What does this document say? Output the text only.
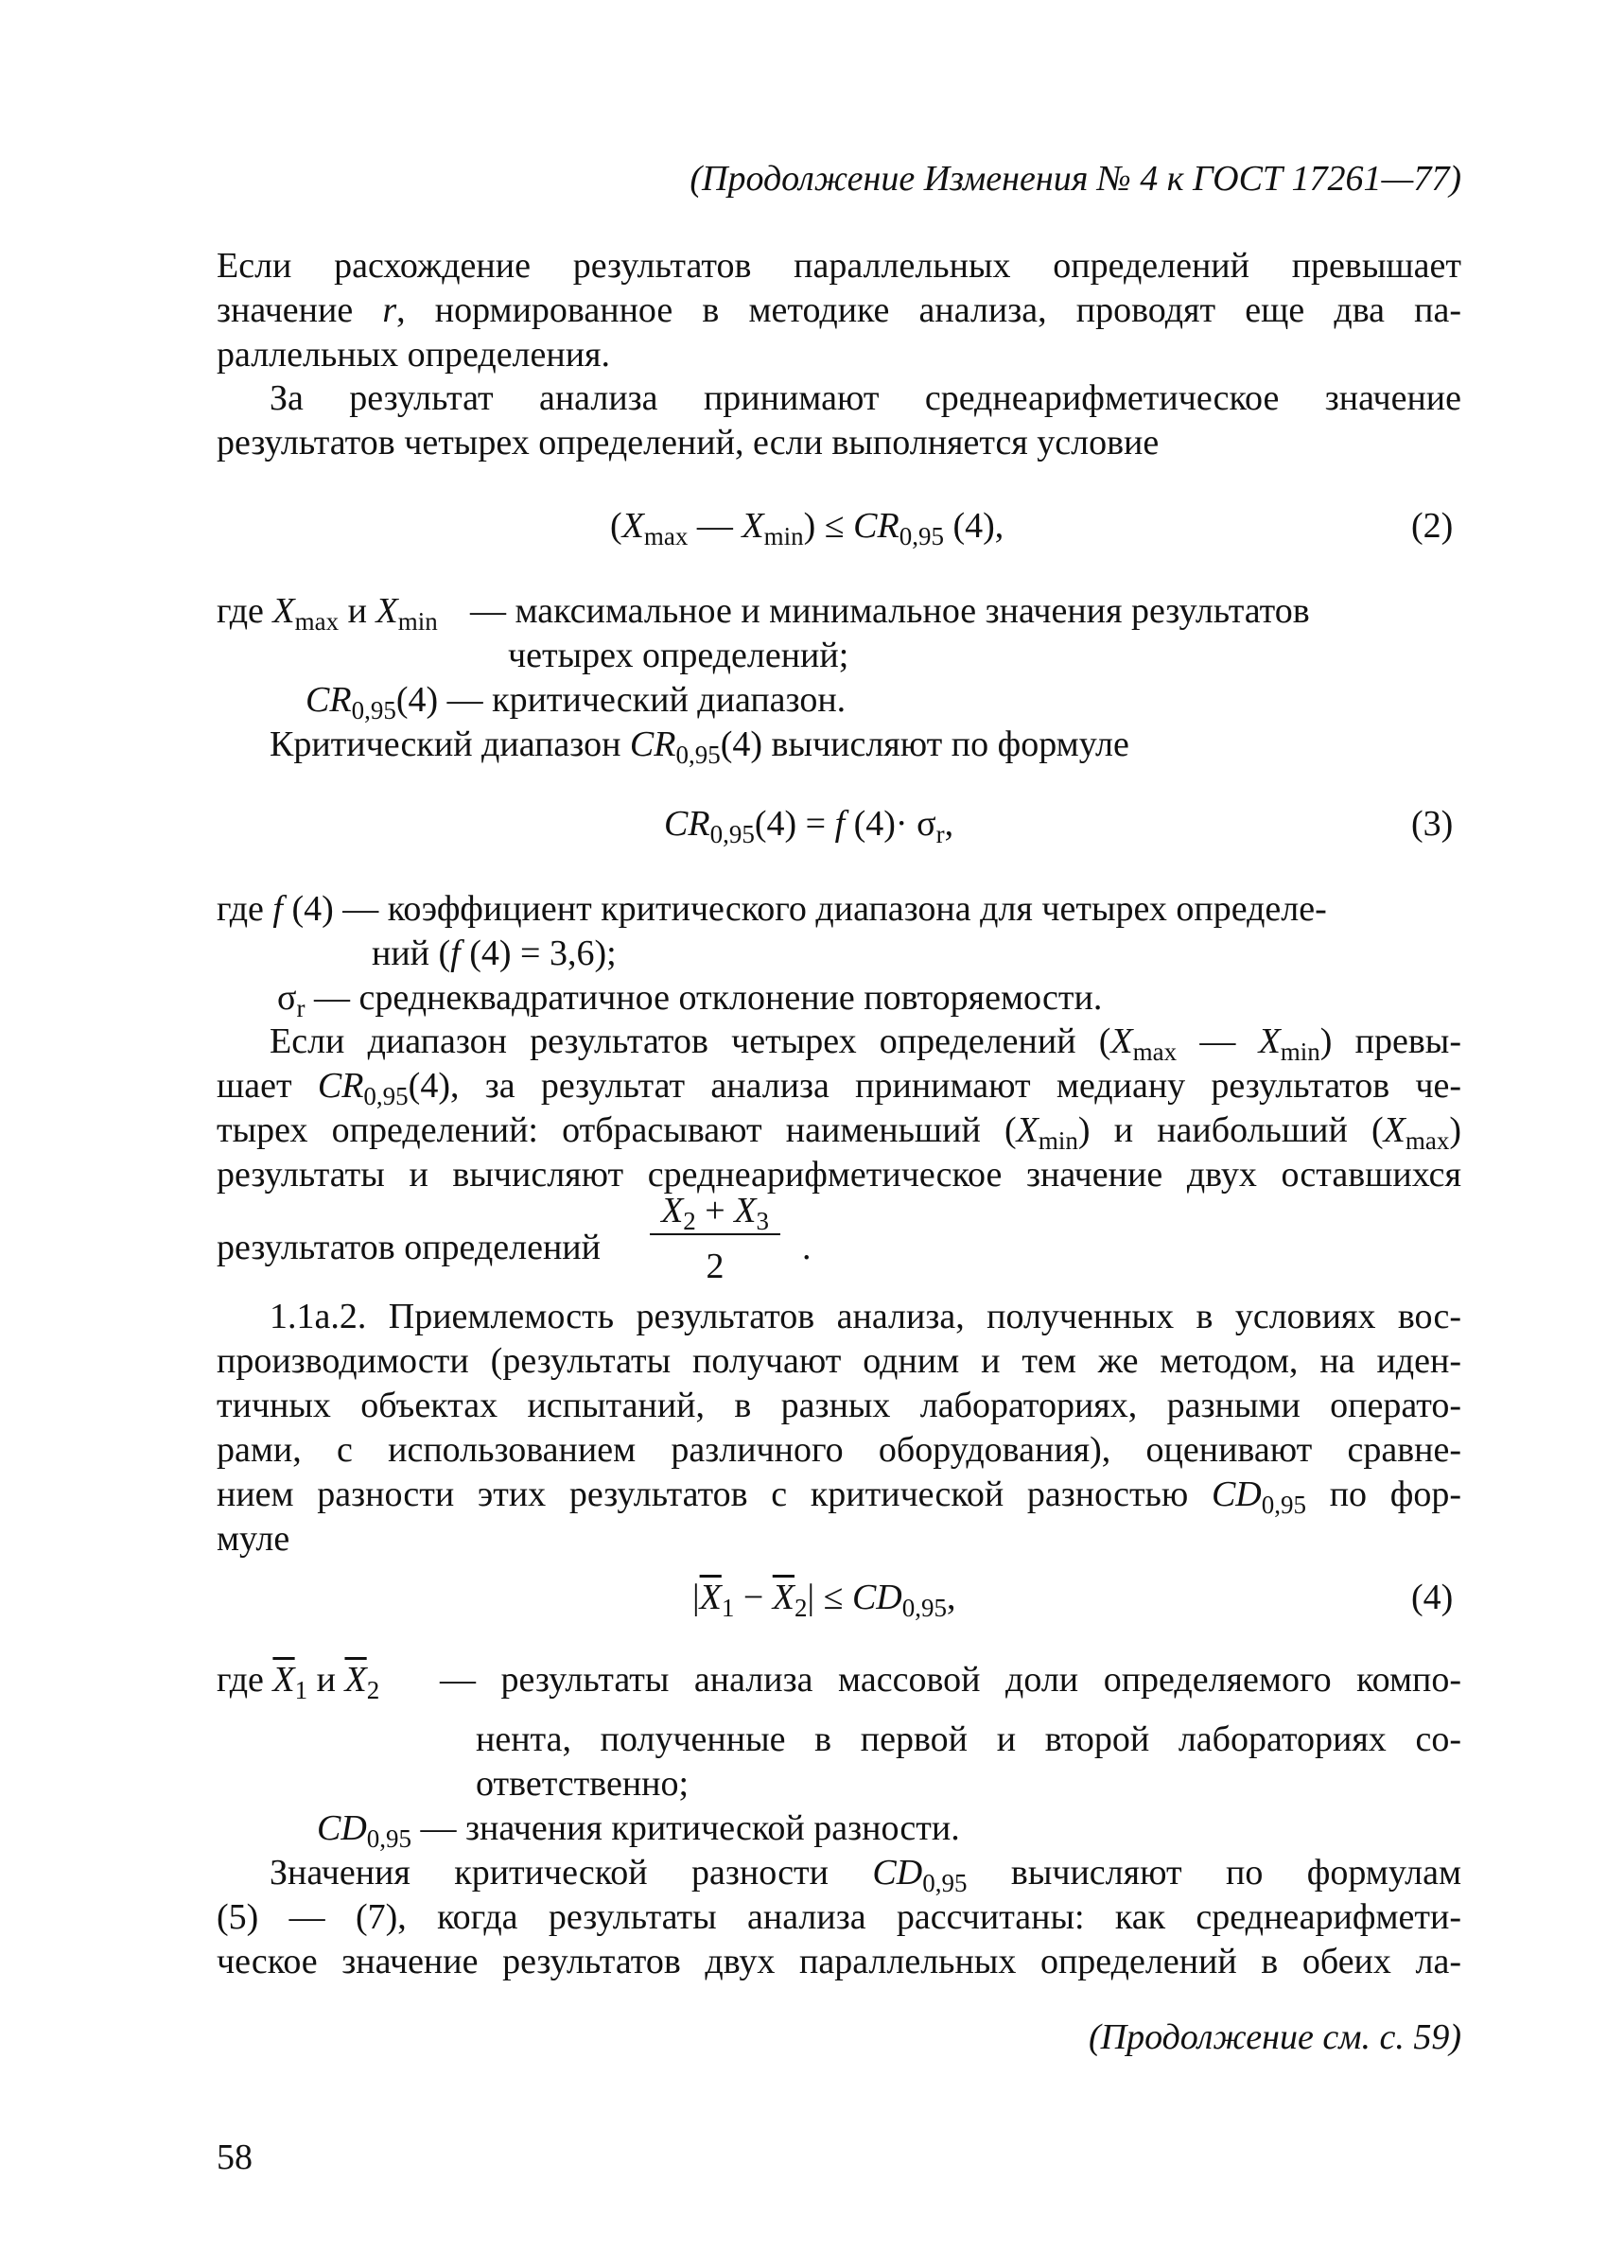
(Продолжение Изменения № 4 к ГОСТ 17261—77)
Если расхождение результатов параллельных определений превышает
значение r, нормированное в методике анализа, проводят еще два па-
раллельных определения.
За результат анализа принимают среднеарифметическое значение
результатов четырех определений, если выполняется условие
($X_{max}$ — $X_{min}) \le CR_{0,95}$ (4),	(2)
где $X_{max}$ и $X_{min}$ — максимальное и минимальное значения результатов
четырех определений;
$CR_{0,95}(4)$ — критический диапазон.
Критический диапазон $CR_{0,95}(4)$ вычисляют по формуле
$CR_{0,95}(4) = f$ $(4)\cdot \sigma_r$,	(3)
где f (4) — коэффициент критического диапазона для четырех определе-
ний (f (4) = 3,6);
$\sigma_r$ — среднеквадратичное отклонение повторяемости.
Если диапазон результатов четырех определений ($X_{max}$ — $X_{min}$) превы-
шает $CR_{0,95}(4)$, за результат анализа принимают медиану результатов че-
тырех определений: отбрасывают наименьший $(X_{min})$ и наибольший $(X_{max})$
результаты и вычисляют среднеарифметическое значение двух оставшихся
результатов определений
$X_2 + X_3$
2	.
1.1а.2. Приемлемость результатов анализа, полученных в условиях вос-
производимости (результаты получают одним и тем же методом, на иден-
тичных объектах испытаний, в разных лабораториях, разными операто-
рами, с использованием различного оборудования), оценивают сравне-
нием разности этих результатов с критической разностью $CD_{0,95}$ по фор-
муле
$|\overline{X}_1 - \overline{X}_2| \le CD_{0,95}$,	(4)
где $\overline{X}_1$ и $\overline{X}_2$ — результаты анализа массовой доли определяемого компо-
нента, полученные в первой и второй лабораториях со-
ответственно;
$CD_{0,95}$ — значения критической разности.
Значения критической разности $CD_{0,95}$ вычисляют по формулам
(5) — (7), когда результаты анализа рассчитаны: как среднеарифмети-
ческое значение результатов двух параллельных определений в обеих ла-
(Продолжение см. с. 59)
58
